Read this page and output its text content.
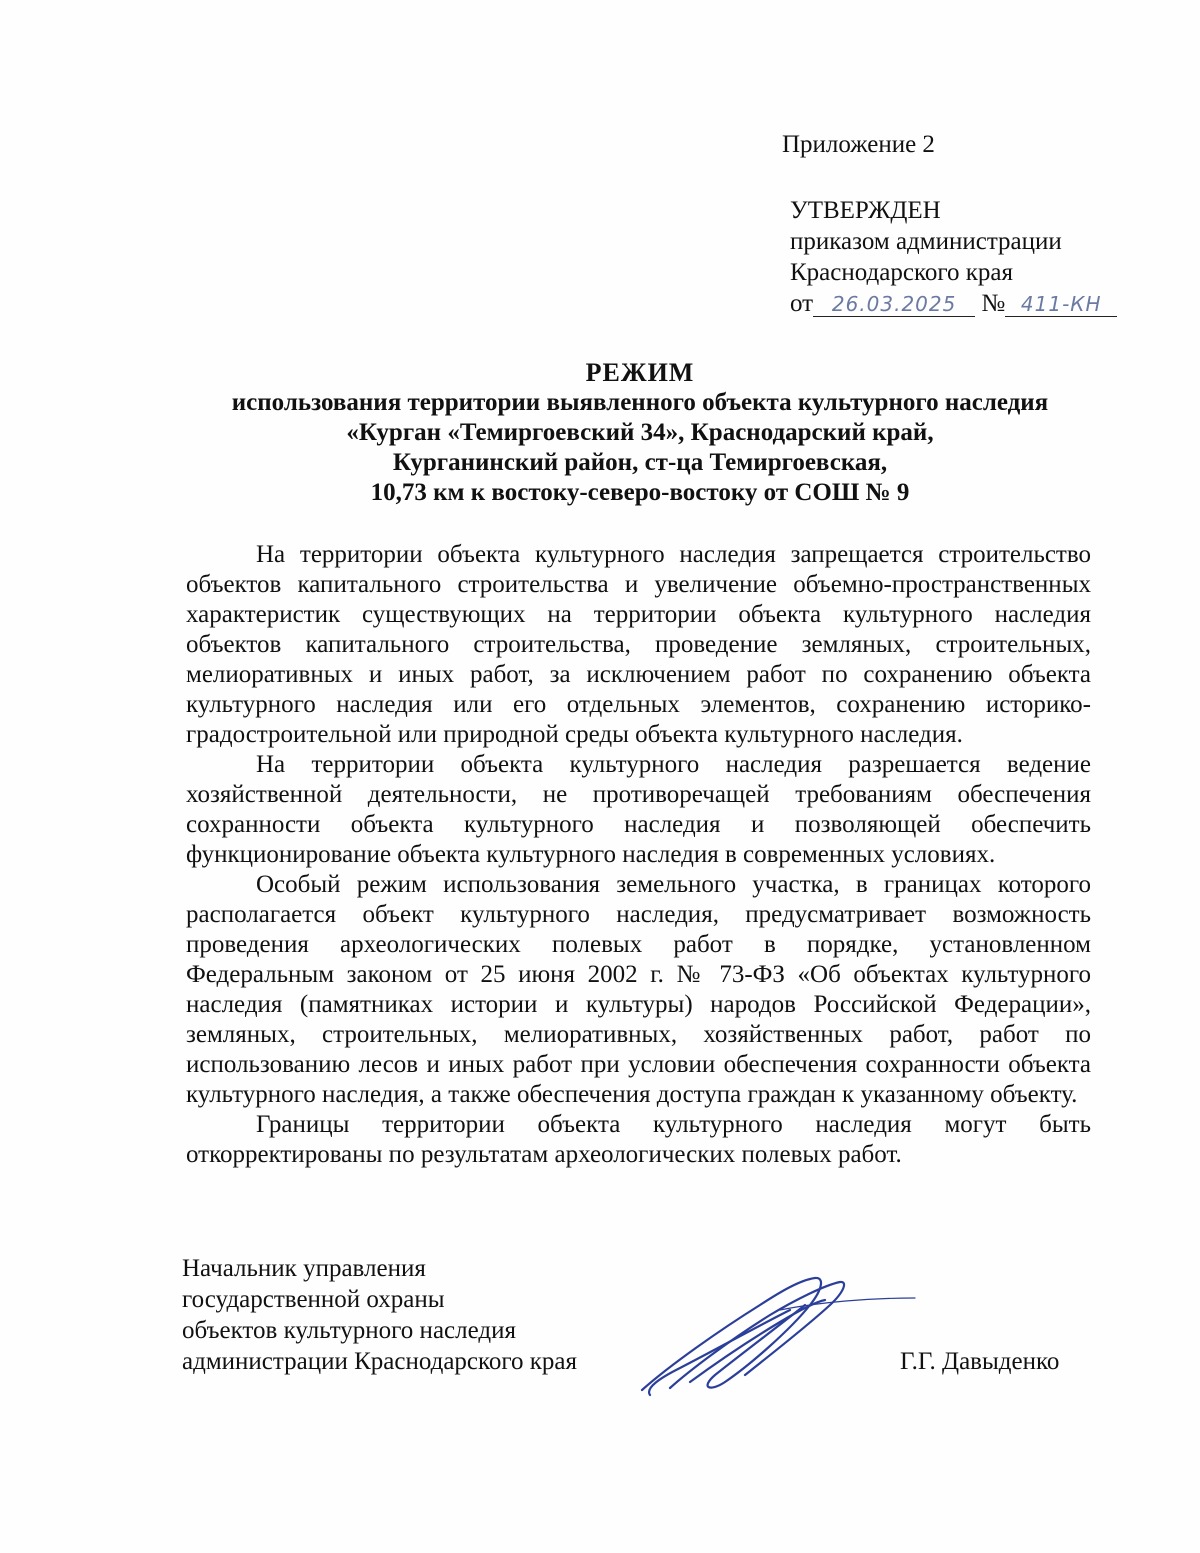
Приложение 2
УТВЕРЖДЕН
приказом администрации
Краснодарского края
от 26.03.2025 № 411-КН
РЕЖИМ
использования территории выявленного объекта культурного наследия
«Курган «Темиргоевский 34», Краснодарский край,
Курганинский район, ст-ца Темиргоевская,
10,73 км к востоку-северо-востоку от СОШ № 9

На территории объекта культурного наследия запрещается строительство объектов капитального строительства и увеличение объемно-пространственных характеристик существующих на территории объекта культурного наследия объектов капитального строительства, проведение земляных, строительных, мелиоративных и иных работ, за исключением работ по сохранению объекта культурного наследия или его отдельных элементов, сохранению историко-градостроительной или природной среды объекта культурного наследия.

На территории объекта культурного наследия разрешается ведение хозяйственной деятельности, не противоречащей требованиям обеспечения сохранности объекта культурного наследия и позволяющей обеспечить функционирование объекта культурного наследия в современных условиях.

Особый режим использования земельного участка, в границах которого располагается объект культурного наследия, предусматривает возможность проведения археологических полевых работ в порядке, установленном Федеральным законом от 25 июня 2002 г. № 73-ФЗ «Об объектах культурного наследия (памятниках истории и культуры) народов Российской Федерации», земляных, строительных, мелиоративных, хозяйственных работ, работ по использованию лесов и иных работ при условии обеспечения сохранности объекта культурного наследия, а также обеспечения доступа граждан к указанному объекту.

Границы территории объекта культурного наследия могут быть откорректированы по результатам археологических полевых работ.

Начальник управления
государственной охраны
объектов культурного наследия
администрации Краснодарского края	Г.Г. Давыденко
